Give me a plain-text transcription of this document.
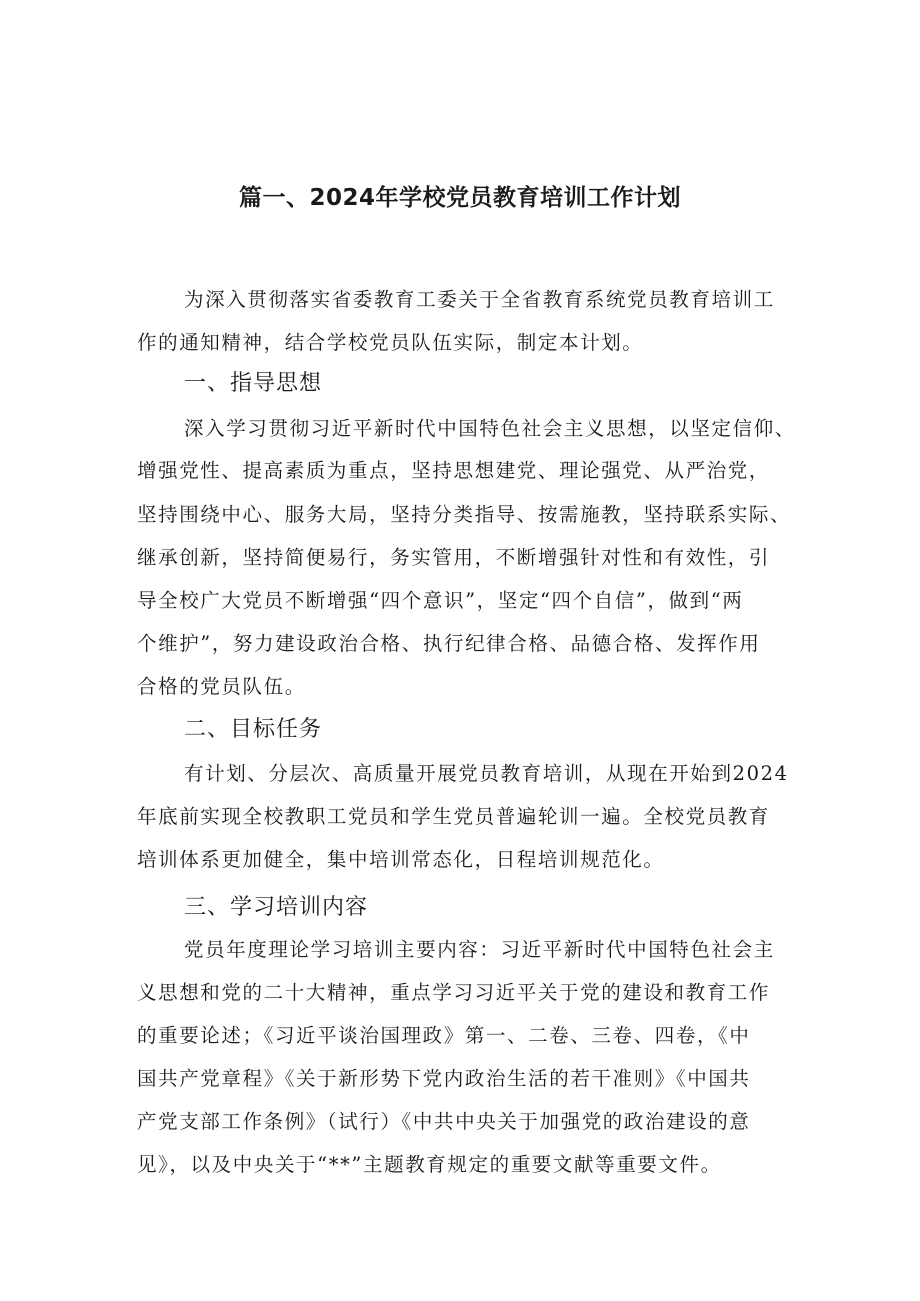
篇一、2024年学校党员教育培训工作计划
为深入贯彻落实省委教育工委关于全省教育系统党员教育培训工
作的通知精神，结合学校党员队伍实际，制定本计划。
一、指导思想
深入学习贯彻习近平新时代中国特色社会主义思想，以坚定信仰、
增强党性、提高素质为重点，坚持思想建党、理论强党、从严治党，
坚持围绕中心、服务大局，坚持分类指导、按需施教，坚持联系实际、
继承创新，坚持简便易行，务实管用，不断增强针对性和有效性，引
导全校广大党员不断增强“四个意识”，坚定“四个自信”，做到“两
个维护”，努力建设政治合格、执行纪律合格、品德合格、发挥作用
合格的党员队伍。
二、目标任务
有计划、分层次、高质量开展党员教育培训，从现在开始到2024
年底前实现全校教职工党员和学生党员普遍轮训一遍。全校党员教育
培训体系更加健全，集中培训常态化，日程培训规范化。
三、学习培训内容
党员年度理论学习培训主要内容：习近平新时代中国特色社会主
义思想和党的二十大精神，重点学习习近平关于党的建设和教育工作
的重要论述；《习近平谈治国理政》第一、二卷、三卷、四卷，《中
国共产党章程》《关于新形势下党内政治生活的若干准则》《中国共
产党支部工作条例》（试行）《中共中央关于加强党的政治建设的意
见》，以及中央关于“**”主题教育规定的重要文献等重要文件。
